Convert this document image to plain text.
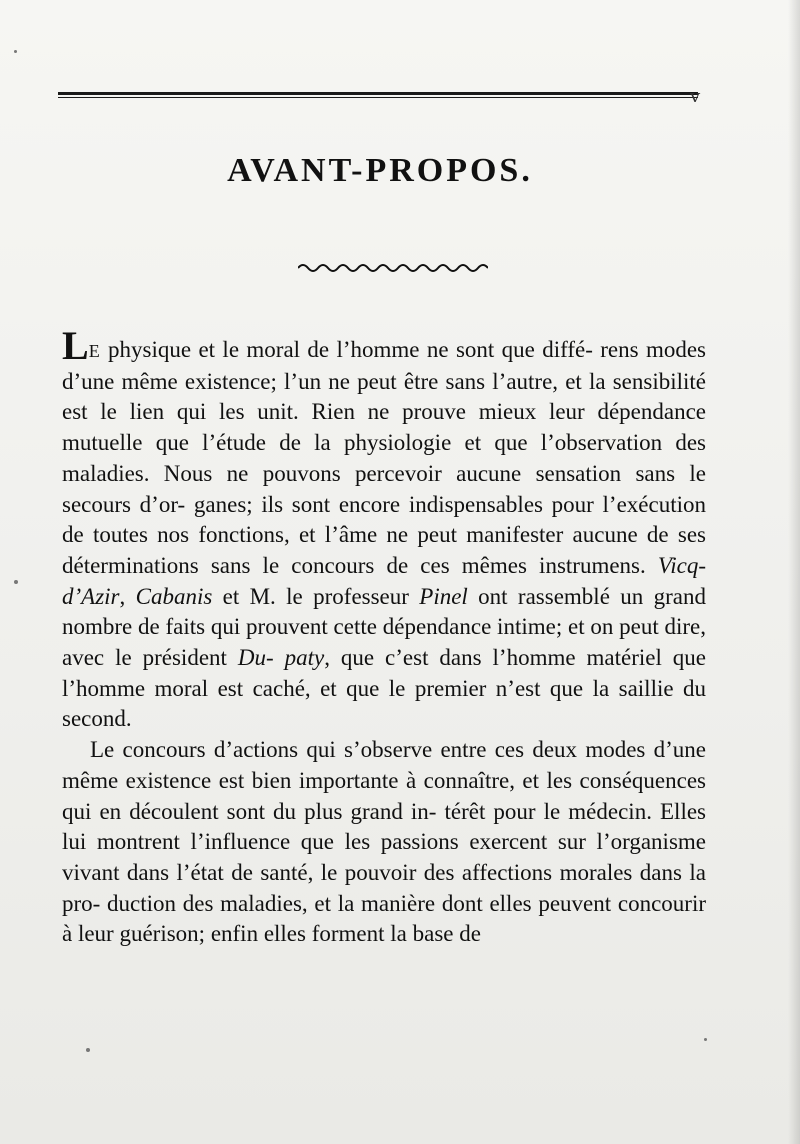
v
AVANT-PROPOS.

LE physique et le moral de l’homme ne sont que diffé- rens modes d’une même existence; l’un ne peut être sans l’autre, et la sensibilité est le lien qui les unit. Rien ne prouve mieux leur dépendance mutuelle que l’étude de la physiologie et que l’observation des maladies. Nous ne pouvons percevoir aucune sensation sans le secours d’or- ganes; ils sont encore indispensables pour l’exécution de toutes nos fonctions, et l’âme ne peut manifester aucune de ses déterminations sans le concours de ces mêmes instrumens. Vicq-d’Azir, Cabanis et M. le professeur Pinel ont rassemblé un grand nombre de faits qui prouvent cette dépendance intime; et on peut dire, avec le président Du- paty, que c’est dans l’homme matériel que l’homme moral est caché, et que le premier n’est que la saillie du second.

Le concours d’actions qui s’observe entre ces deux modes d’une même existence est bien importante à connaître, et les conséquences qui en découlent sont du plus grand in- térêt pour le médecin. Elles lui montrent l’influence que les passions exercent sur l’organisme vivant dans l’état de santé, le pouvoir des affections morales dans la pro- duction des maladies, et la manière dont elles peuvent concourir à leur guérison; enfin elles forment la base de
